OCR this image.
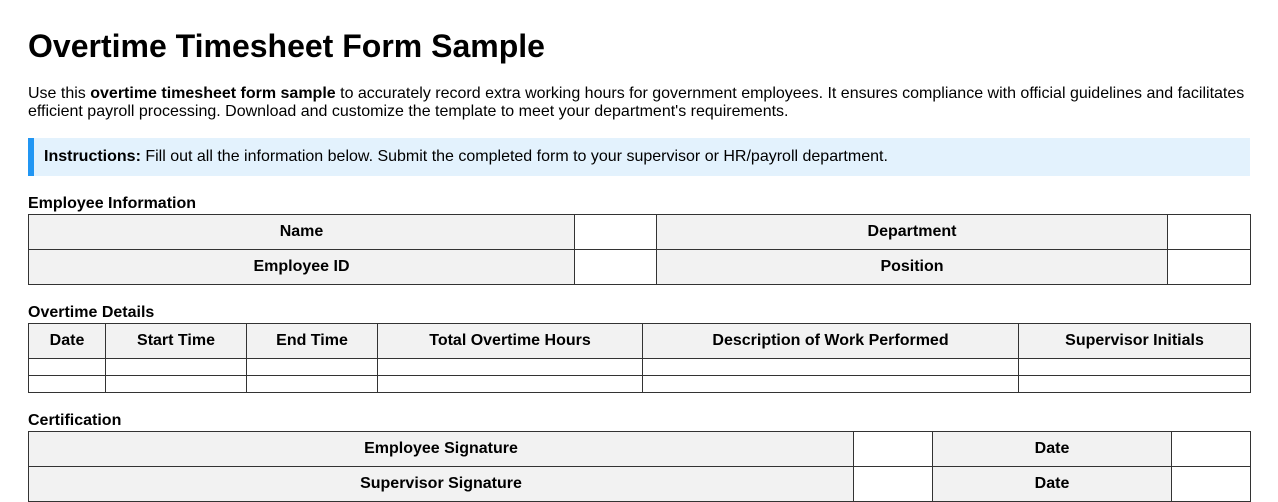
Overtime Timesheet Form Sample

Use this overtime timesheet form sample to accurately record extra working hours for government employees. It ensures compliance with official guidelines and facilitates efficient payroll processing. Download and customize the template to meet your department's requirements.

Instructions: Fill out all the information below. Submit the completed form to your supervisor or HR/payroll department.
Employee Information
Name		Department	
Employee ID		Position	
Overtime Details
Date	Start Time	End Time	Total Overtime Hours	Description of Work Performed	Supervisor Initials

Certification
Employee Signature		Date	
Supervisor Signature		Date	
